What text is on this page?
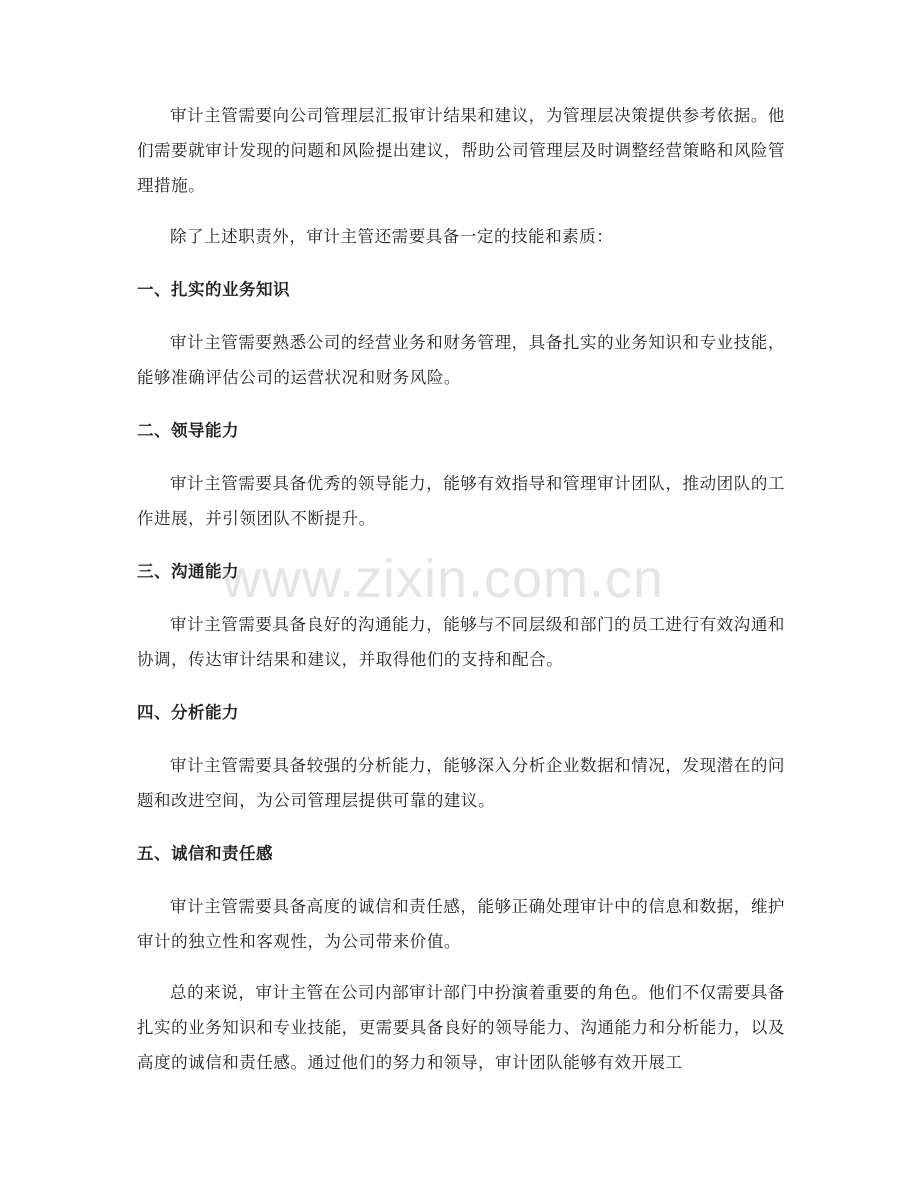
审计主管需要向公司管理层汇报审计结果和建议，为管理层决策提供参考依据。他们需要就审计发现的问题和风险提出建议，帮助公司管理层及时调整经营策略和风险管理措施。

除了上述职责外，审计主管还需要具备一定的技能和素质：

一、扎实的业务知识

审计主管需要熟悉公司的经营业务和财务管理，具备扎实的业务知识和专业技能，能够准确评估公司的运营状况和财务风险。

二、领导能力

审计主管需要具备优秀的领导能力，能够有效指导和管理审计团队，推动团队的工作进展，并引领团队不断提升。

三、沟通能力

审计主管需要具备良好的沟通能力，能够与不同层级和部门的员工进行有效沟通和协调，传达审计结果和建议，并取得他们的支持和配合。

四、分析能力

审计主管需要具备较强的分析能力，能够深入分析企业数据和情况，发现潜在的问题和改进空间，为公司管理层提供可靠的建议。

五、诚信和责任感

审计主管需要具备高度的诚信和责任感，能够正确处理审计中的信息和数据，维护审计的独立性和客观性，为公司带来价值。

总的来说，审计主管在公司内部审计部门中扮演着重要的角色。他们不仅需要具备扎实的业务知识和专业技能，更需要具备良好的领导能力、沟通能力和分析能力，以及高度的诚信和责任感。通过他们的努力和领导，审计团队能够有效开展工

www.zixin.com.cn
